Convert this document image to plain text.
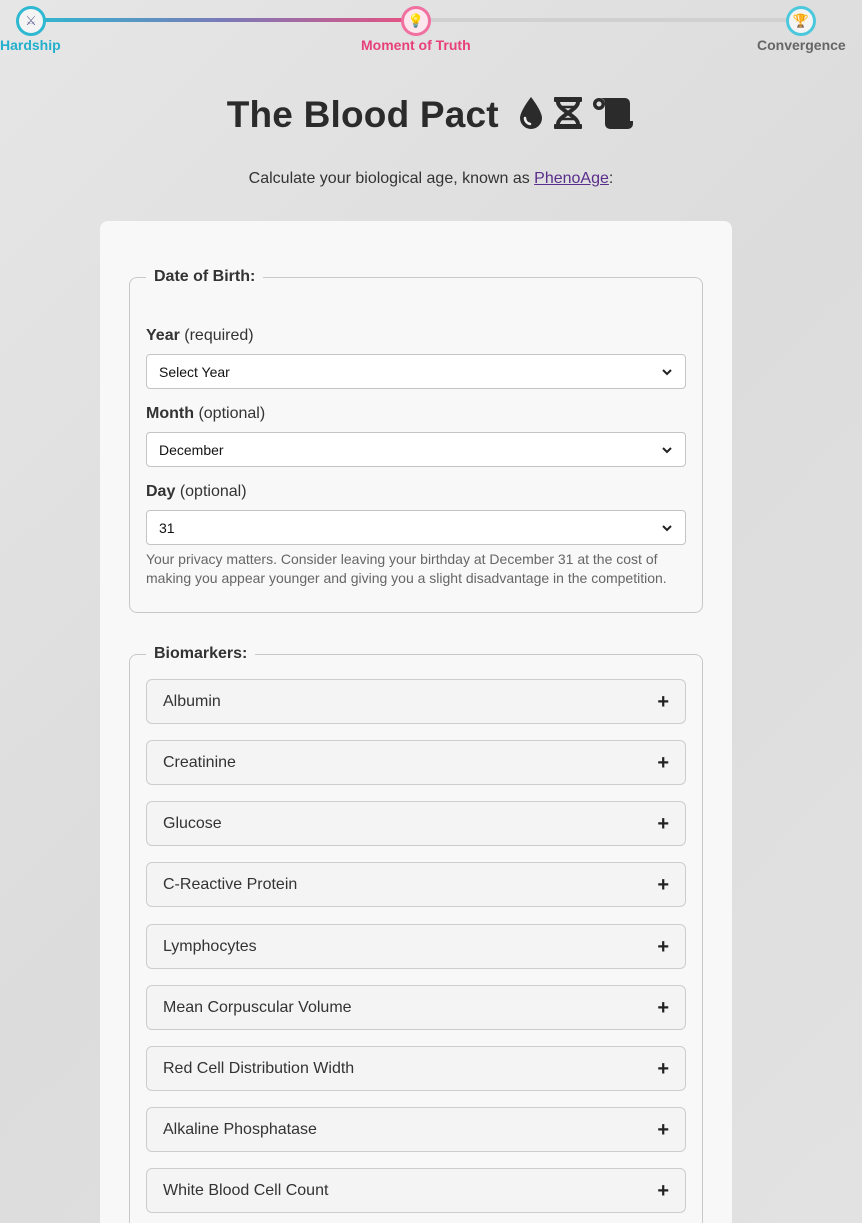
⚔	💡	🏆
Hardship	Moment of Truth	Convergence
The Blood Pact

Calculate your biological age, known as PhenoAge:

Date of Birth:
Year (required)
Select Year
Month (optional)
December
Day (optional)
31

Your privacy matters. Consider leaving your birthday at December 31 at the cost of making you appear younger and giving you a slight disadvantage in the competition.

Biomarkers:
Albumin	+
Creatinine	+
Glucose	+
C-Reactive Protein	+
Lymphocytes	+
Mean Corpuscular Volume	+
Red Cell Distribution Width	+
Alkaline Phosphatase	+
White Blood Cell Count	+
